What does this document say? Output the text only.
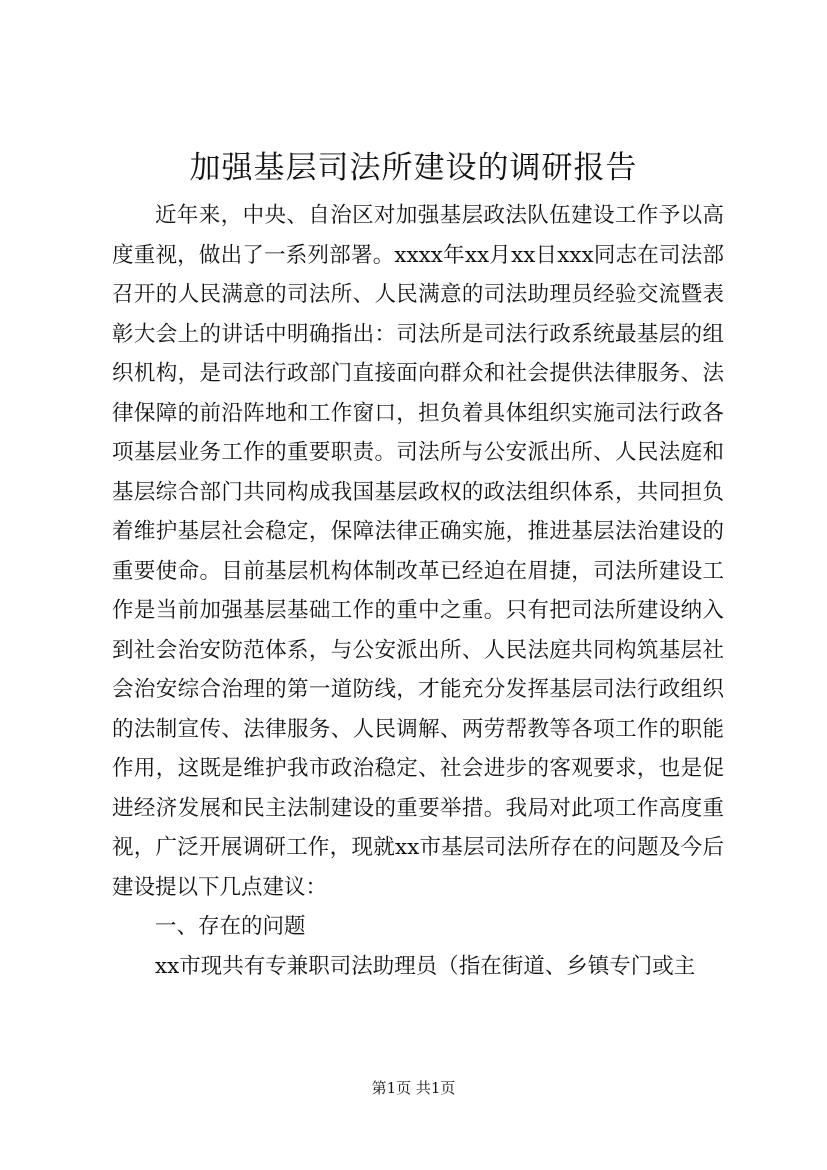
加强基层司法所建设的调研报告

近年来，中央、自治区对加强基层政法队伍建设工作予以高度重视，做出了一系列部署。xxxx年xx月xx日xxx同志在司法部召开的人民满意的司法所、人民满意的司法助理员经验交流暨表彰大会上的讲话中明确指出：司法所是司法行政系统最基层的组织机构，是司法行政部门直接面向群众和社会提供法律服务、法律保障的前沿阵地和工作窗口，担负着具体组织实施司法行政各项基层业务工作的重要职责。司法所与公安派出所、人民法庭和基层综合部门共同构成我国基层政权的政法组织体系，共同担负着维护基层社会稳定，保障法律正确实施，推进基层法治建设的重要使命。目前基层机构体制改革已经迫在眉捷，司法所建设工作是当前加强基层基础工作的重中之重。只有把司法所建设纳入到社会治安防范体系，与公安派出所、人民法庭共同构筑基层社会治安综合治理的第一道防线，才能充分发挥基层司法行政组织的法制宣传、法律服务、人民调解、两劳帮教等各项工作的职能作用，这既是维护我市政治稳定、社会进步的客观要求，也是促进经济发展和民主法制建设的重要举措。我局对此项工作高度重视，广泛开展调研工作，现就xx市基层司法所存在的问题及今后建设提以下几点建议：

一、存在的问题

xx市现共有专兼职司法助理员（指在街道、乡镇专门或主

第1页 共1页
